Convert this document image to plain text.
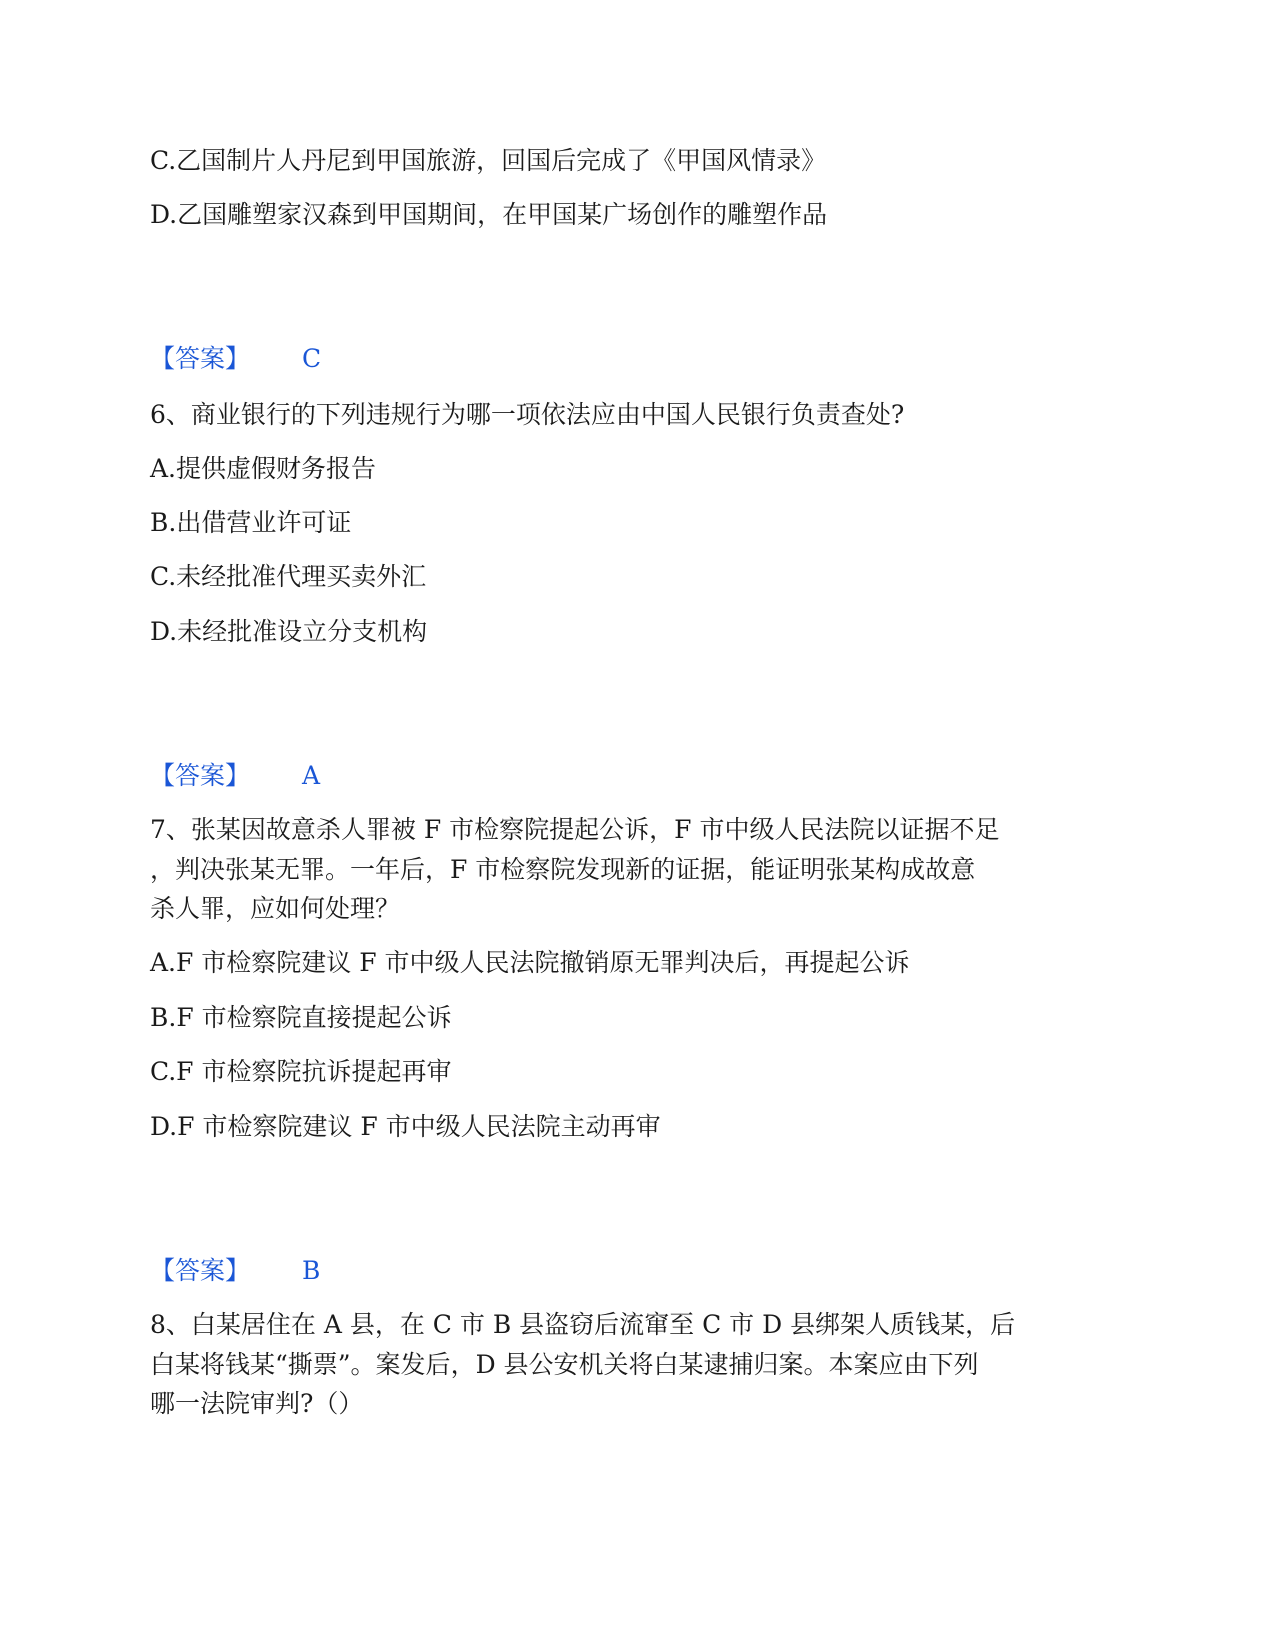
C.乙国制片人丹尼到甲国旅游，回国后完成了《甲国风情录》
D.乙国雕塑家汉森到甲国期间，在甲国某广场创作的雕塑作品
【答案】 C
6、商业银行的下列违规行为哪一项依法应由中国人民银行负责查处?
A.提供虚假财务报告
B.出借营业许可证
C.未经批准代理买卖外汇
D.未经批准设立分支机构
【答案】 A
7、张某因故意杀人罪被 F 市检察院提起公诉，F 市中级人民法院以证据不足
，判决张某无罪。一年后，F 市检察院发现新的证据，能证明张某构成故意
杀人罪，应如何处理？
A.F 市检察院建议 F 市中级人民法院撤销原无罪判决后，再提起公诉
B.F 市检察院直接提起公诉
C.F 市检察院抗诉提起再审
D.F 市检察院建议 F 市中级人民法院主动再审
【答案】 B
8、白某居住在 A 县，在 C 市 B 县盗窃后流窜至 C 市 D 县绑架人质钱某，后
白某将钱某“撕票”。案发后，D 县公安机关将白某逮捕归案。本案应由下列
哪一法院审判?（）
